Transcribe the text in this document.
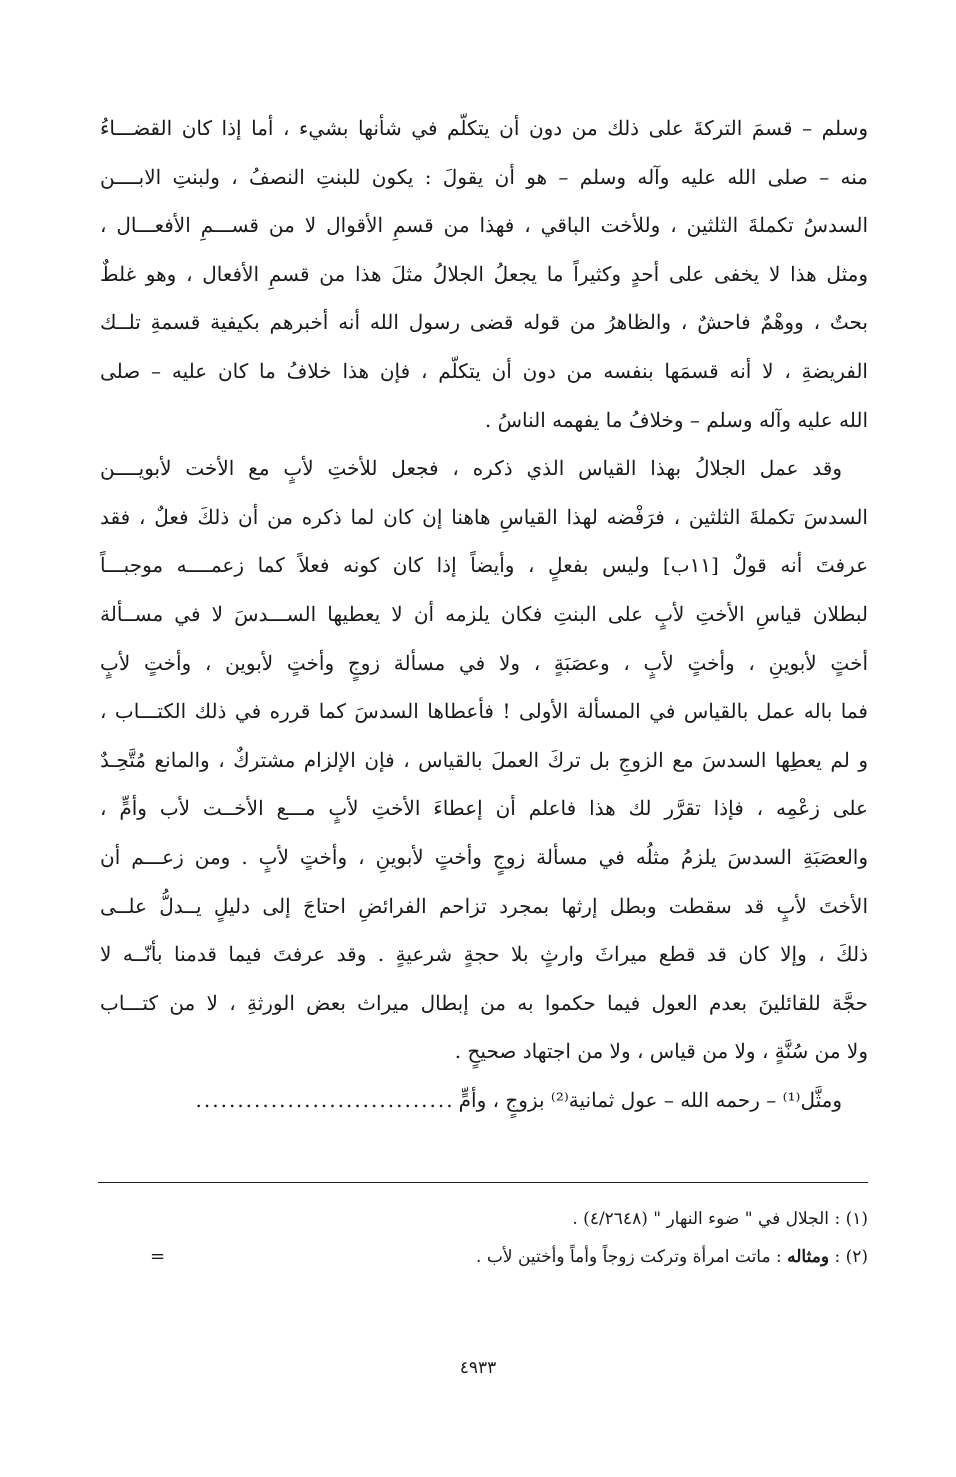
وسلم – قسمَ التركةَ على ذلك من دون أن يتكلّم في شأنها بشيء ، أما إذا كان القضـــاءُ
منه – صلى الله عليه وآله وسلم – هو أن يقولَ : يكون للبنتِ النصفُ ، ولبنتِ الابــــن
السدسُ تكملةَ الثلثين ، وللأخت الباقي ، فهذا من قسمِ الأقوال لا من قســـمِ الأفعـــال ،
ومثل هذا لا يخفى على أحدٍ وكثيراً ما يجعلُ الجلالُ مثلَ هذا من قسمِ الأفعال ، وهو غلطٌ
بحتٌ ، ووهْمٌ فاحشٌ ، والظاهرُ من قوله قضى رسول الله أنه أخبرهم بكيفية قسمةِ تلــك
الفريضةِ ، لا أنه قسمَها بنفسه من دون أن يتكلّم ، فإن هذا خلافُ ما كان عليه – صلى
الله عليه وآله وسلم – وخلافُ ما يفهمه الناسُ .
وقد عمل الجلالُ بهذا القياس الذي ذكره ، فجعل للأختِ لأبٍ مع الأخت لأبويــــن
السدسَ تكملةَ الثلثين ، فرَفْضه لهذا القياسِ هاهنا إن كان لما ذكره من أن ذلكَ فعلٌ ، فقد
عرفتَ أنه قولٌ [١١ب] وليس بفعلٍ ، وأيضاً إذا كان كونه فعلاً كما زعمــــه موجبـــاً
لبطلان قياسِ الأختِ لأبٍ على البنتِ فكان يلزمه أن لا يعطيها الســـدسَ لا في مســألة
أختٍ لأبوينِ ، وأختٍ لأبٍ ، وعصَبَةٍ ، ولا في مسألة زوجٍ وأختٍ لأبوين ، وأختٍ لأبٍ
فما باله عمل بالقياس في المسألة الأولى ! فأعطاها السدسَ كما قرره في ذلك الكتـــاب ،
و لم يعطِها السدسَ مع الزوجِ بل تركَ العملَ بالقياس ، فإن الإلزام مشتركٌ ، والمانع مُتَّحِـدٌ
على زعْمِه ، فإذا تقرَّر لك هذا فاعلم أن إعطاءَ الأختِ لأبٍ مـــع الأخــت لأب وأمٍّ ،
والعصَبَةِ السدسَ يلزمُ مثلُه في مسألة زوجٍ وأختٍ لأبوينِ ، وأختٍ لأبٍ . ومن زعـــم أن
الأختَ لأبٍ قد سقطت وبطل إرثها بمجرد تزاحم الفرائضِ احتاجَ إلى دليلٍ يــدلُّ علــى
ذلكَ ، وإلا كان قد قطع ميراثَ وارثٍ بلا حجةٍ شرعيةٍ . وقد عرفتَ فيما قدمنا بأنّــه لا
حجَّة للقائلينَ بعدم العول فيما حكموا به من إبطال ميراث بعض الورثةِ ، لا من كتـــاب
ولا من سُنَّةٍ ، ولا من قياس ، ولا من اجتهاد صحيحٍ .
ومثَّل⁽¹⁾ – رحمه الله – عول ثمانية⁽²⁾ بزوجٍ ، وأمٍّ
...............................
(١) : الجلال في " ضوء النهار " (٤/٢٦٤٨) .
(٢) : ومثاله : ماتت امرأة وتركت زوجاً وأماً وأختين لأب .
=
٤٩٣٣
